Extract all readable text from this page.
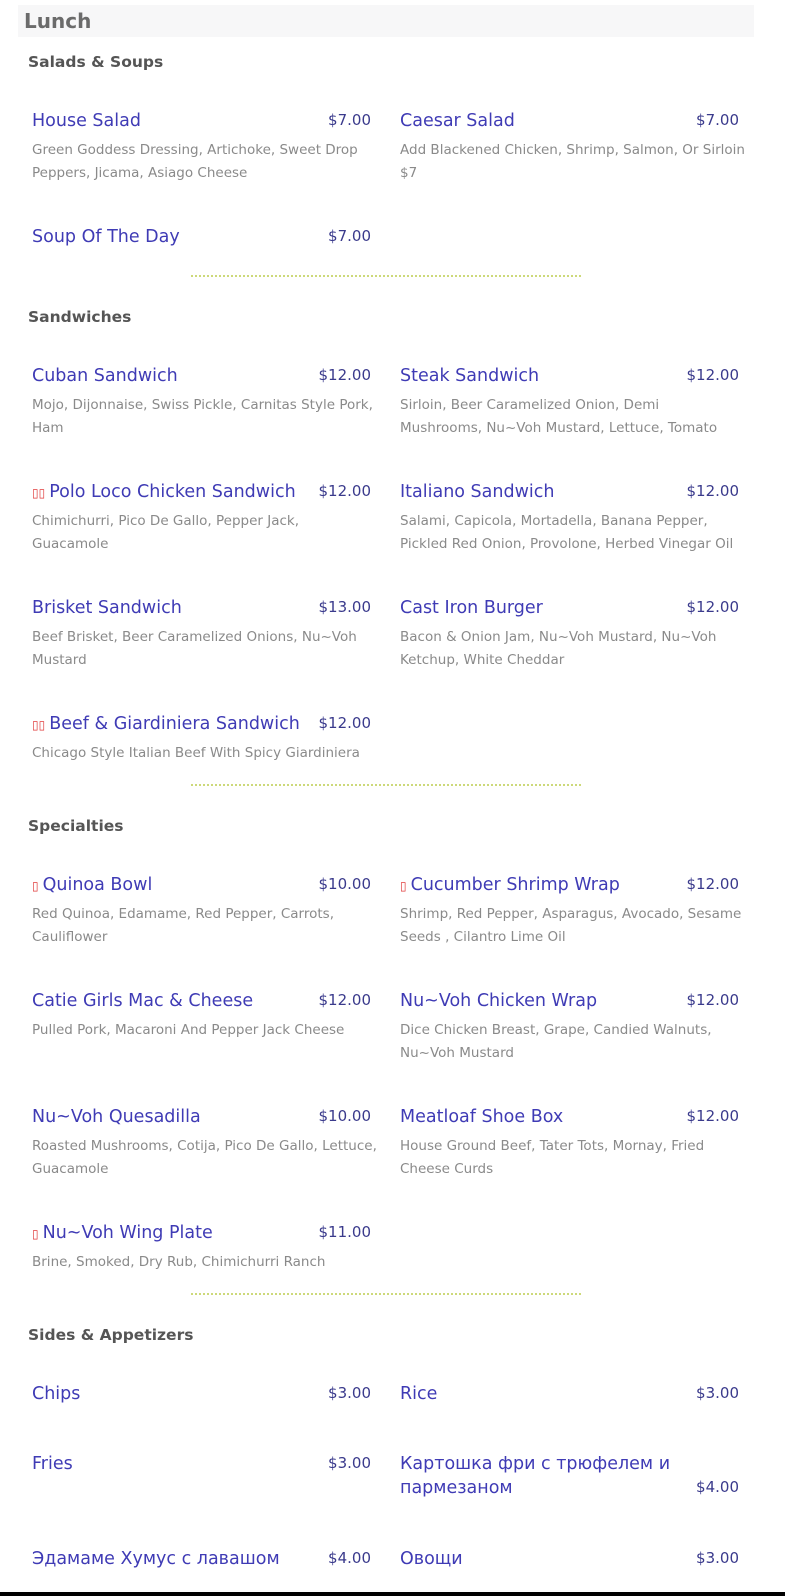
Lunch
Salads & Soups
House Salad	$7.00
Green Goddess Dressing, Artichoke, Sweet Drop Peppers, Jicama, Asiago Cheese
Caesar Salad	$7.00
Add Blackened Chicken, Shrimp, Salmon, Or Sirloin $7
Soup Of The Day	$7.00
Sandwiches
Cuban Sandwich	$12.00
Mojo, Dijonnaise, Swiss Pickle, Carnitas Style Pork, Ham
Steak Sandwich	$12.00
Sirloin, Beer Caramelized Onion, Demi Mushrooms, Nu~Voh Mustard, Lettuce, Tomato
▯▯ Polo Loco Chicken Sandwich	$12.00
Chimichurri, Pico De Gallo, Pepper Jack, Guacamole
Italiano Sandwich	$12.00
Salami, Capicola, Mortadella, Banana Pepper, Pickled Red Onion, Provolone, Herbed Vinegar Oil
Brisket Sandwich	$13.00
Beef Brisket, Beer Caramelized Onions, Nu~Voh Mustard
Cast Iron Burger	$12.00
Bacon & Onion Jam, Nu~Voh Mustard, Nu~Voh Ketchup, White Cheddar
▯▯ Beef & Giardiniera Sandwich	$12.00
Chicago Style Italian Beef With Spicy Giardiniera
Specialties
▯ Quinoa Bowl	$10.00
Red Quinoa, Edamame, Red Pepper, Carrots, Cauliflower
▯ Cucumber Shrimp Wrap	$12.00
Shrimp, Red Pepper, Asparagus, Avocado, Sesame Seeds , Cilantro Lime Oil
Catie Girls Mac & Cheese	$12.00
Pulled Pork, Macaroni And Pepper Jack Cheese
Nu~Voh Chicken Wrap	$12.00
Dice Chicken Breast, Grape, Candied Walnuts, Nu~Voh Mustard
Nu~Voh Quesadilla	$10.00
Roasted Mushrooms, Cotija, Pico De Gallo, Lettuce, Guacamole
Meatloaf Shoe Box	$12.00
House Ground Beef, Tater Tots, Mornay, Fried Cheese Curds
▯ Nu~Voh Wing Plate	$11.00
Brine, Smoked, Dry Rub, Chimichurri Ranch
Sides & Appetizers
Chips	$3.00 Rice	$3.00
Fries	$3.00 Картошка фри с трюфелем и пармезаном	$4.00
Эдамаме Хумус с лавашом	$4.00 Овощи	$3.00
